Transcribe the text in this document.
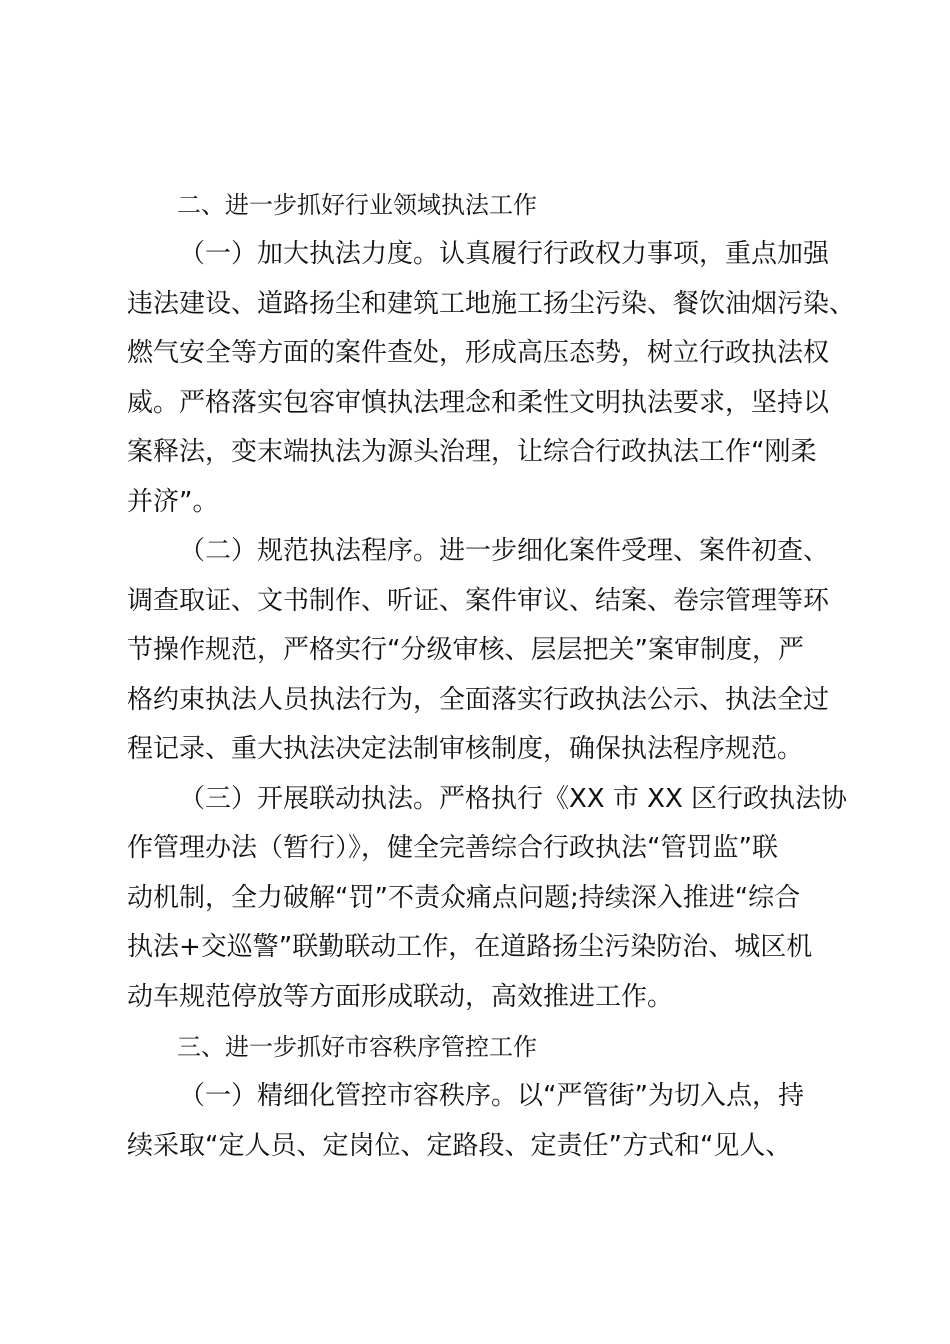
二、进一步抓好行业领域执法工作

（一）加大执法力度。认真履行行政权力事项，重点加强
违法建设、道路扬尘和建筑工地施工扬尘污染、餐饮油烟污染、
燃气安全等方面的案件查处，形成高压态势，树立行政执法权
威。严格落实包容审慎执法理念和柔性文明执法要求，坚持以
案释法，变末端执法为源头治理，让综合行政执法工作“刚柔
并济”。
（二）规范执法程序。进一步细化案件受理、案件初查、
调查取证、文书制作、听证、案件审议、结案、卷宗管理等环
节操作规范，严格实行“分级审核、层层把关”案审制度，严
格约束执法人员执法行为，全面落实行政执法公示、执法全过
程记录、重大执法决定法制审核制度，确保执法程序规范。
（三）开展联动执法。严格执行《XX 市 XX 区行政执法协
作管理办法（暂行）》，健全完善综合行政执法“管罚监”联
动机制，全力破解“罚”不责众痛点问题;持续深入推进“综合
执法+交巡警”联勤联动工作，在道路扬尘污染防治、城区机
动车规范停放等方面形成联动，高效推进工作。

三、进一步抓好市容秩序管控工作

（一）精细化管控市容秩序。以“严管街”为切入点，持
续采取“定人员、定岗位、定路段、定责任”方式和“见人、
